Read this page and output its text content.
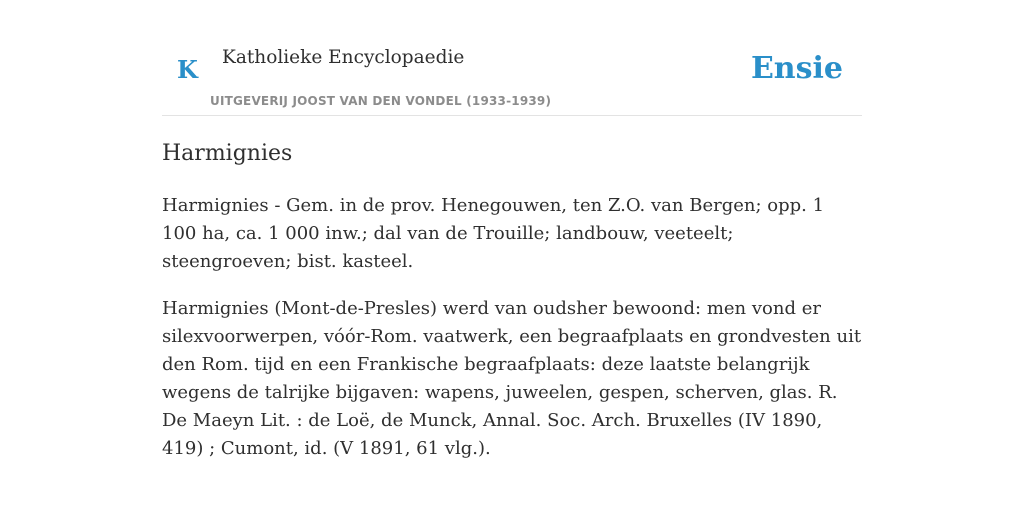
K Katholieke Encyclopaedie
UITGEVERIJ JOOST VAN DEN VONDEL (1933-1939)
Ensie
Harmignies

Harmignies - Gem. in de prov. Henegouwen, ten Z.O. van Bergen; opp. 1 100 ha, ca. 1 000 inw.; dal van de Trouille; landbouw, veeteelt; steengroeven; bist. kasteel.

Harmignies (Mont-de-Presles) werd van oudsher bewoond: men vond er silexvoorwerpen, vóór-Rom. vaatwerk, een begraafplaats en grondvesten uit den Rom. tijd en een Frankische begraafplaats: deze laatste belangrijk wegens de talrijke bijgaven: wapens, juweelen, gespen, scherven, glas. R. De Maeyn Lit. : de Loë, de Munck, Annal. Soc. Arch. Bruxelles (IV 1890, 419) ; Cumont, id. (V 1891, 61 vlg.).
